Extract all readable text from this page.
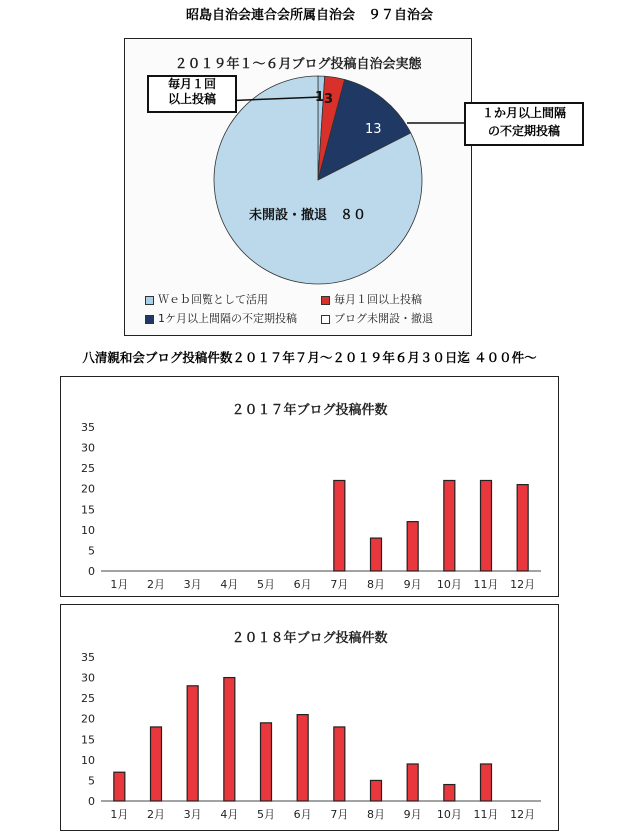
昭島自治会連合会所属自治会　９７自治会
２０１９年１～６月ブログ投稿自治会実態
1 3
13
未開設・撤退　８０
Ｗｅｂ回覧として活用	毎月１回以上投稿
1ケ月以上間隔の不定期投稿	ブログ未開設・撤退
毎月１回
以上投稿
１か月以上間隔
の不定期投稿
八清親和会ブログ投稿件数２０１７年７月～２０１９年６月３０日迄 ４００件～
２０１７年ブログ投稿件数
0
5
10
15
20
25
30
35
1月 2月 3月 4月 5月 6月 7月 8月 9月 10月 11月 12月
２０１８年ブログ投稿件数
0
5
10
15
20
25
30
35
1月 2月 3月 4月 5月 6月 7月 8月 9月 10月 11月 12月
